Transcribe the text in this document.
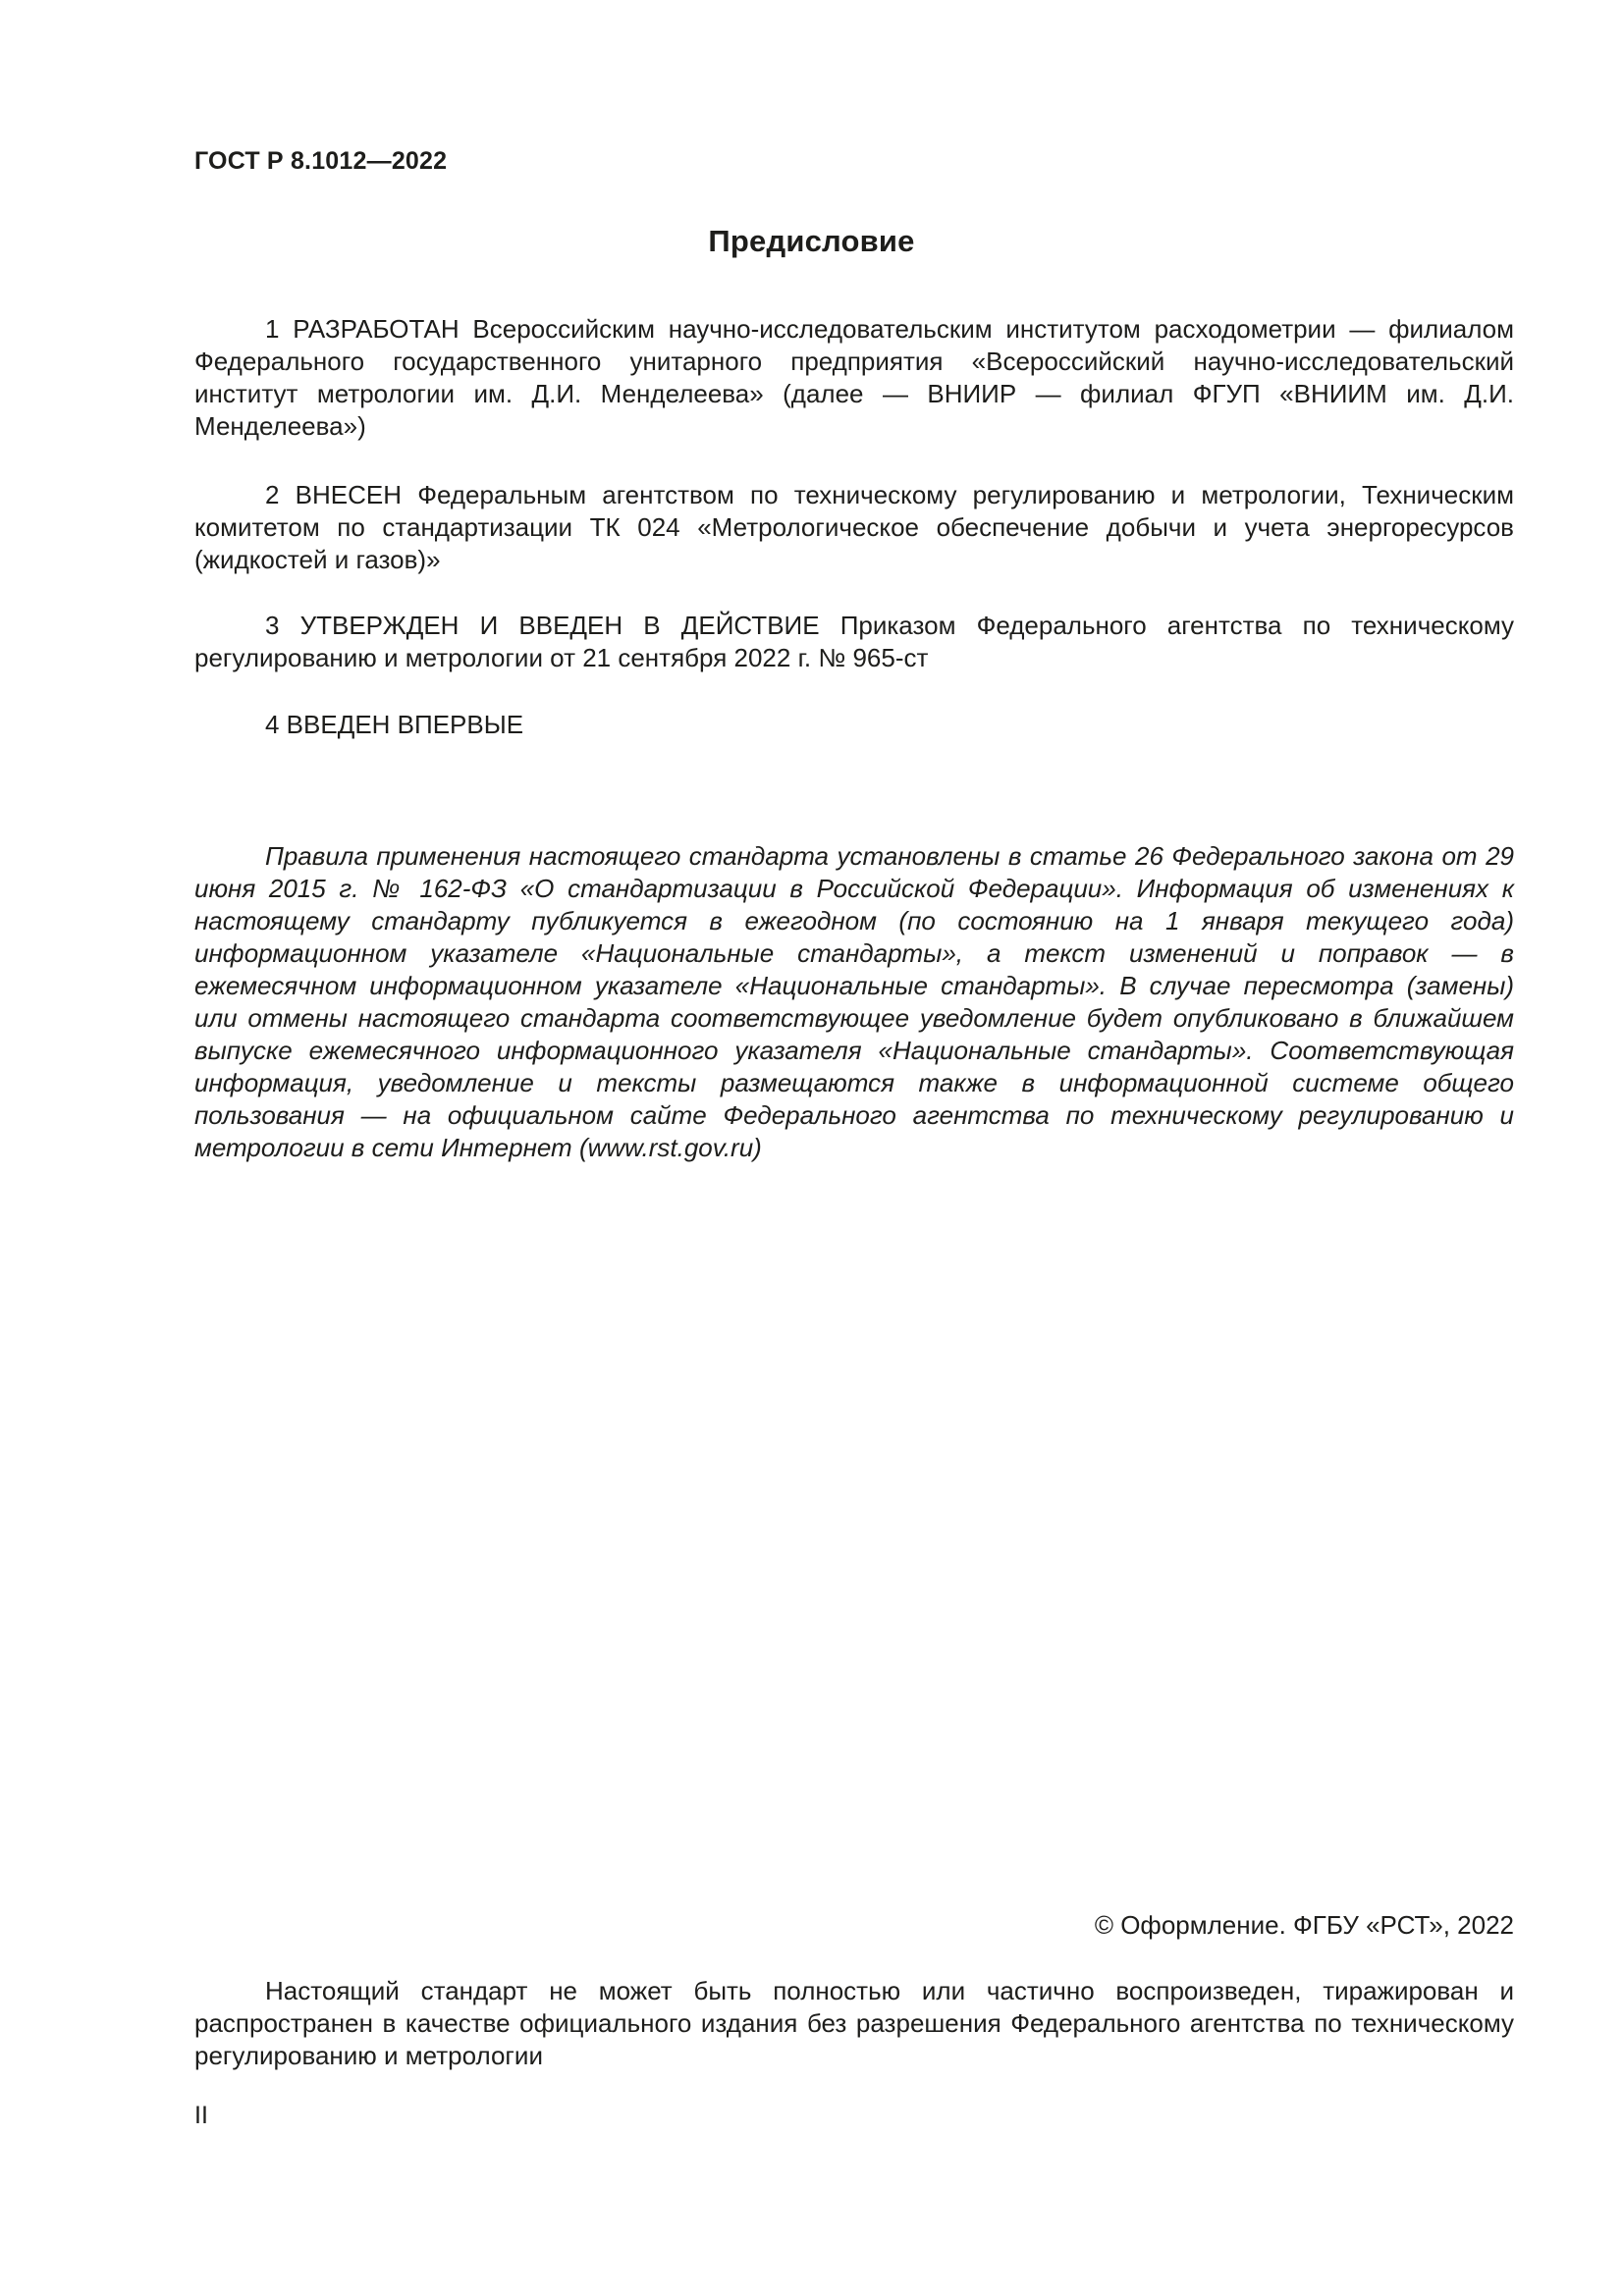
ГОСТ Р 8.1012—2022
Предисловие

1 РАЗРАБОТАН Всероссийским научно-исследовательским институтом расходометрии — филиалом Федерального государственного унитарного предприятия «Всероссийский научно-исследовательский институт метрологии им. Д.И. Менделеева» (далее — ВНИИР — филиал ФГУП «ВНИИМ им. Д.И. Менделеева»)

2 ВНЕСЕН Федеральным агентством по техническому регулированию и метрологии, Техническим комитетом по стандартизации ТК 024 «Метрологическое обеспечение добычи и учета энергоресурсов (жидкостей и газов)»

3 УТВЕРЖДЕН И ВВЕДЕН В ДЕЙСТВИЕ Приказом Федерального агентства по техническому регулированию и метрологии от 21 сентября 2022 г. № 965-ст

4 ВВЕДЕН ВПЕРВЫЕ

Правила применения настоящего стандарта установлены в статье 26 Федерального закона от 29 июня 2015 г. № 162-ФЗ «О стандартизации в Российской Федерации». Информация об изменениях к настоящему стандарту публикуется в ежегодном (по состоянию на 1 января текущего года) информационном указателе «Национальные стандарты», а текст изменений и поправок — в ежемесячном информационном указателе «Национальные стандарты». В случае пересмотра (замены) или отмены настоящего стандарта соответствующее уведомление будет опубликовано в ближайшем выпуске ежемесячного информационного указателя «Национальные стандарты». Соответствующая информация, уведомление и тексты размещаются также в информационной системе общего пользования — на официальном сайте Федерального агентства по техническому регулированию и метрологии в сети Интернет (www.rst.gov.ru)

© Оформление. ФГБУ «РСТ», 2022

Настоящий стандарт не может быть полностью или частично воспроизведен, тиражирован и распространен в качестве официального издания без разрешения Федерального агентства по техническому регулированию и метрологии

II
